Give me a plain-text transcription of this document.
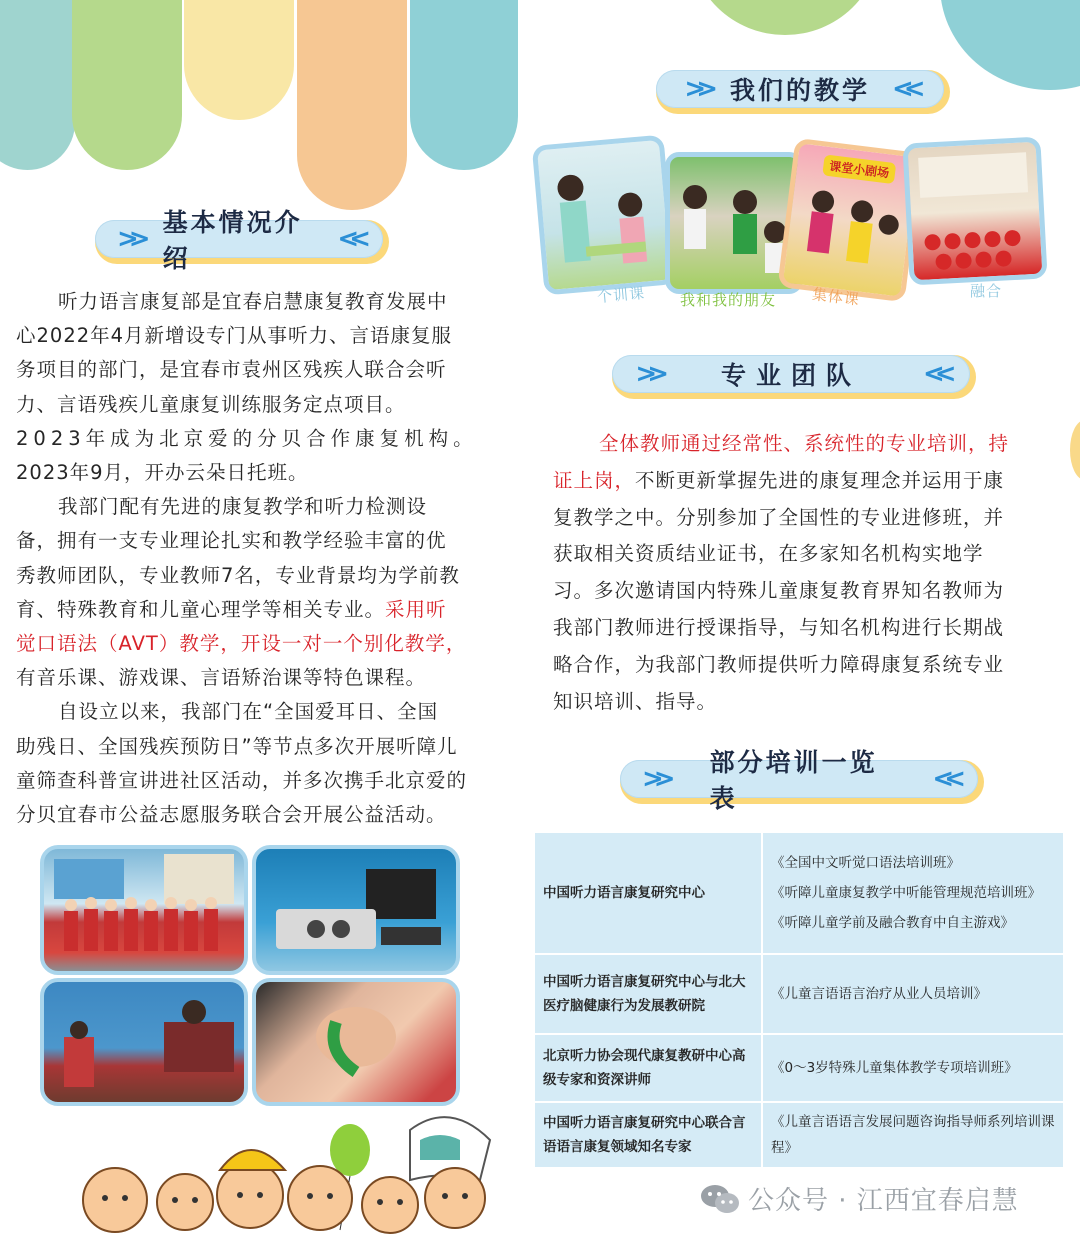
>>
基本情况介绍
<<
听力语言康复部是宜春启慧康复教育发展中
心2022年4月新增设专门从事听力、言语康复服
务项目的部门，是宜春市袁州区残疾人联合会听
力、言语残疾儿童康复训练服务定点项目。
2023年成为北京爱的分贝合作康复机构。
2023年9月，开办云朵日托班。
我部门配有先进的康复教学和听力检测设
备，拥有一支专业理论扎实和教学经验丰富的优
秀教师团队，专业教师7名，专业背景均为学前教
育、特殊教育和儿童心理学等相关专业。采用听
觉口语法（AVT）教学，开设一对一个别化教学，
有音乐课、游戏课、言语矫治课等特色课程。
自设立以来，我部门在“全国爱耳日、全国
助残日、全国残疾预防日”等节点多次开展听障儿
童筛查科普宣讲进社区活动，并多次携手北京爱的
分贝宜春市公益志愿服务联合会开展公益活动。
>> 我们的教学 <<
课堂小剧场
个训课 我和我的朋友 集体课	融合
>> 专业团队 <<
全体教师通过经常性、系统性的专业培训，持
证上岗，不断更新掌握先进的康复理念并运用于康
复教学之中。分别参加了全国性的专业进修班，并
获取相关资质结业证书，在多家知名机构实地学
习。多次邀请国内特殊儿童康复教育界知名教师为
我部门教师进行授课指导，与知名机构进行长期战
略合作，为我部门教师提供听力障碍康复系统专业
知识培训、指导。
>>
部分培训一览表
<<
中国听力语言康复研究中心	《全国中文听觉口语法培训班》
《听障儿童康复教学中听能管理规范培训班》
《听障儿童学前及融合教育中自主游戏》

中国听力语言康复研究中心与北大医疗脑健康行为发展教研院	《儿童言语语言治疗从业人员培训》

北京听力协会现代康复教研中心高级专家和资深讲师	《0～3岁特殊儿童集体教学专项培训班》

中国听力语言康复研究中心联合言语语言康复领域知名专家	《儿童言语语言发展问题咨询指导师系列培训课程》
公众号 · 江西宜春启慧
